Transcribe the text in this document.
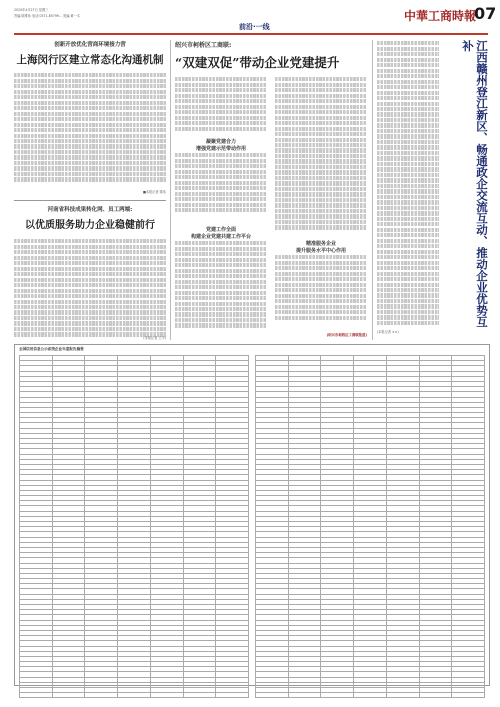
2020年4月27日 星期三
责编:陈维伟 电话:0371-65799... 美编:黄一木	中華工商時報
07
前沿·一线
创新开放优化营商环境接力营
上海闵行区建立常态化沟通机制
■本报记者 陈伟
河南省科技成果转化网、员工两端:
以优质服务助力企业稳健前行
(本报记者 王平)
绍兴市柯桥区工商联:
“双建双促”带动企业党建提升
凝聚党建合力
增强党建示范带动作用
党建工作全面
构建企业党建共建工作平台
精准服务企业
提升服务水平中心作用
(绍兴市柯桥区工商联报道)
江西赣州登江新区、畅通政企交流互动、推动企业优势互补
(本报记者 ××)
全国信用信息公示系统企业年度报告摘要
